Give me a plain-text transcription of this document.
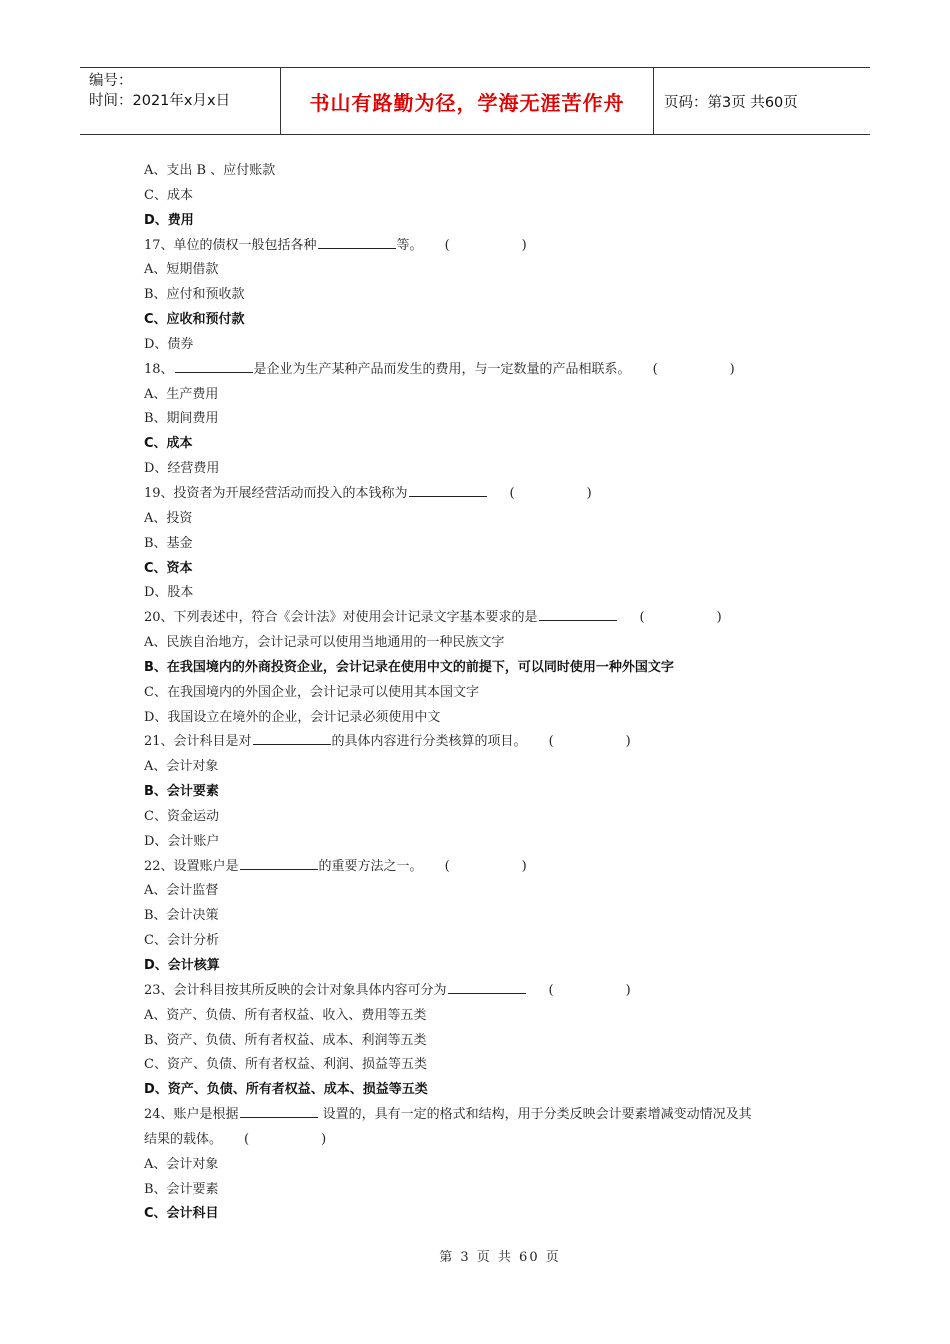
编号：
时间：2021年x月x日	书山有路勤为径，学海无涯苦作舟	页码：第3页 共60页
A、支出 B 、应付账款
C、成本
D、费用
17、单位的债权一般包括各种	等。 (	)
A、短期借款
B、应付和预收款
C、应收和预付款
D、债券
18、	是企业为生产某种产品而发生的费用，与一定数量的产品相联系。 (	)
A、生产费用
B、期间费用
C、成本
D、经营费用
19、投资者为开展经营活动而投入的本钱称为	(	)
A、投资
B、基金
C、资本
D、股本
20、下列表述中，符合《会计法》对使用会计记录文字基本要求的是	(	)
A、民族自治地方，会计记录可以使用当地通用的一种民族文字
B、在我国境内的外商投资企业，会计记录在使用中文的前提下，可以同时使用一种外国文字
C、在我国境内的外国企业，会计记录可以使用其本国文字
D、我国设立在境外的企业，会计记录必须使用中文
21、会计科目是对	的具体内容进行分类核算的项目。 (	)
A、会计对象
B、会计要素
C、资金运动
D、会计账户
22、设置账户是	的重要方法之一。 (	)
A、会计监督
B、会计决策
C、会计分析
D、会计核算
23、会计科目按其所反映的会计对象具体内容可分为	(	)
A、资产、负债、所有者权益、收入、费用等五类
B、资产、负债、所有者权益、成本、利润等五类
C、资产、负债、所有者权益、利润、损益等五类
D、资产、负债、所有者权益、成本、损益等五类
24、账户是根据	设置的，具有一定的格式和结构，用于分类反映会计要素增减变动情况及其
结果的载体。 (	)
A、会计对象
B、会计要素
C、会计科目
第 3 页 共 60 页
